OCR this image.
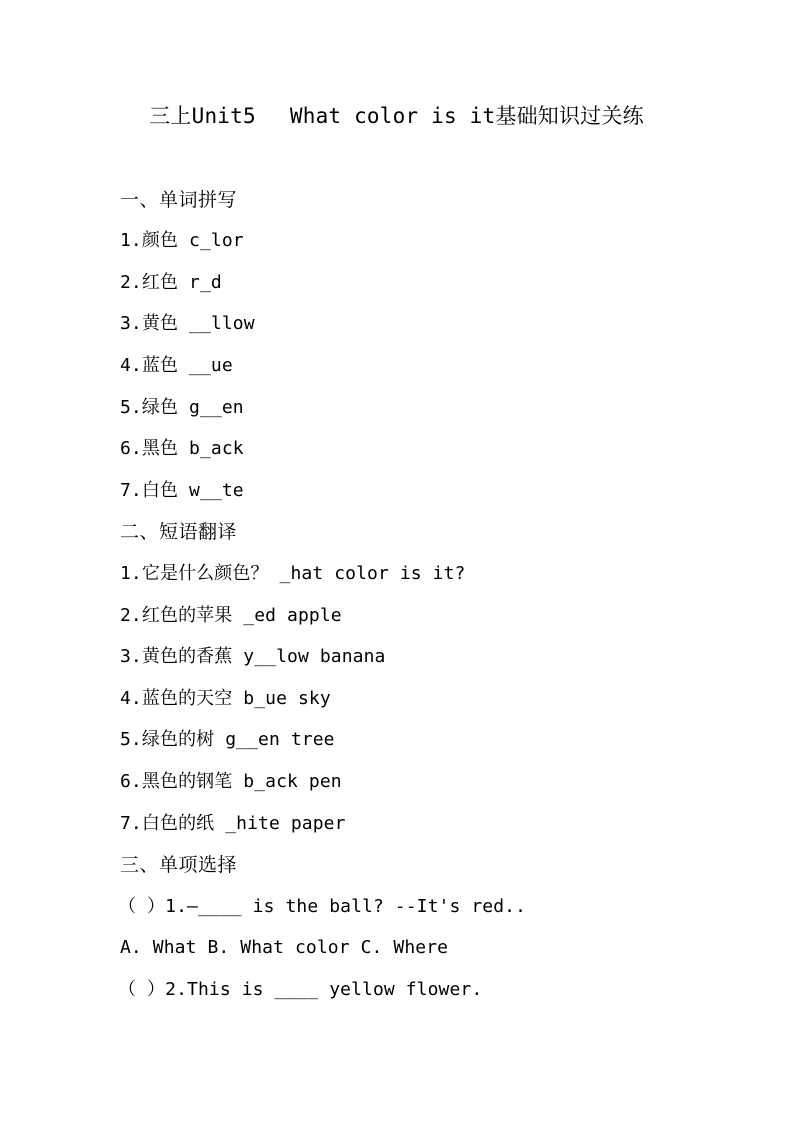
三上Unit5　 What color is it基础知识过关练
一、单词拼写
1.颜色 c_lor
2.红色 r_d
3.黄色 __llow
4.蓝色 __ue
5.绿色 g__en
6.黑色 b_ack
7.白色 w__te
二、短语翻译
1.它是什么颜色？ _hat color is it?
2.红色的苹果 _ed apple
3.黄色的香蕉 y__low banana
4.蓝色的天空 b_ue sky
5.绿色的树 g__en tree
6.黑色的钢笔 b_ack pen
7.白色的纸 _hite paper
三、单项选择
（ ）1.—____ is the ball? --It's red..
A. What B. What color C. Where
（ ）2.This is ____ yellow flower.
